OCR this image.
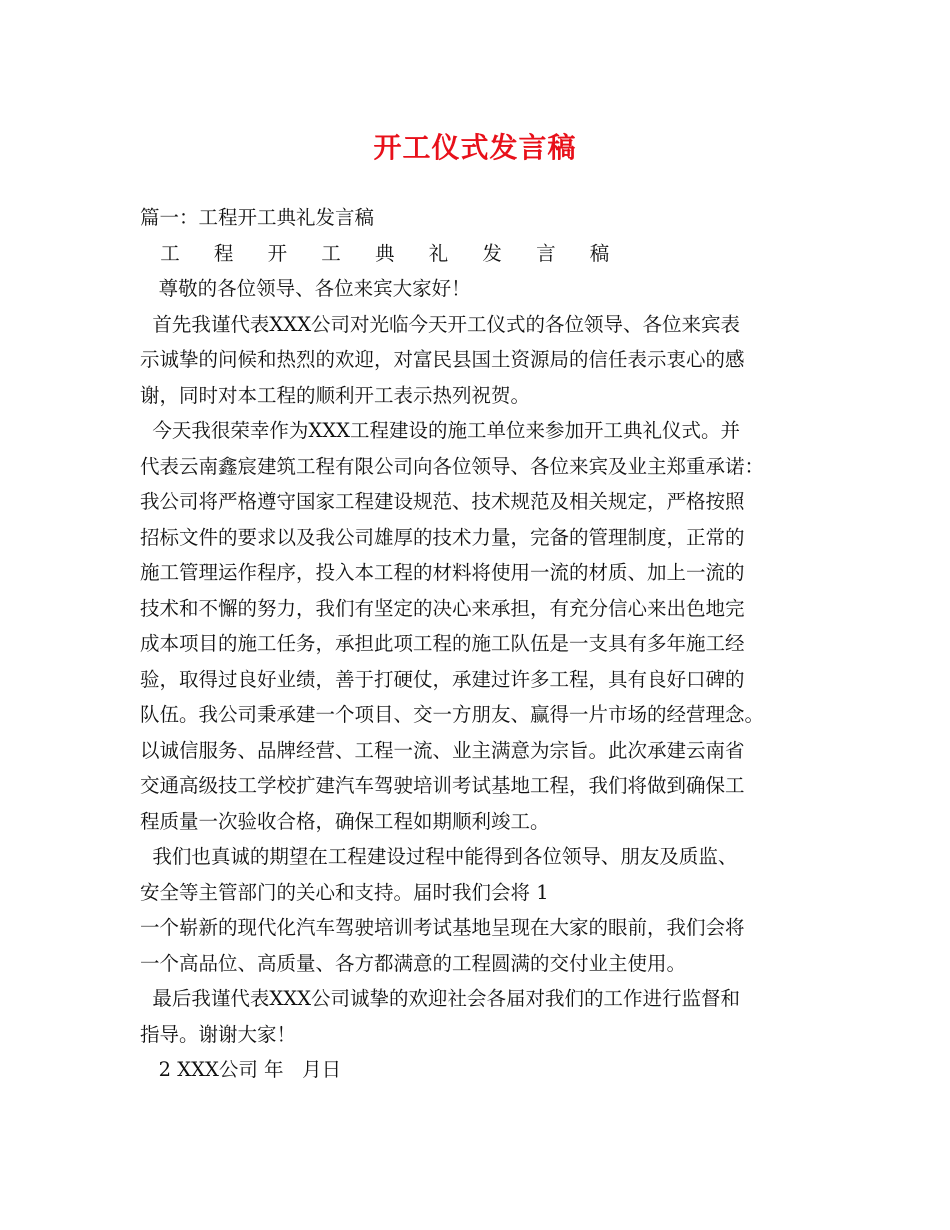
开工仪式发言稿
篇一：工程开工典礼发言稿
工 程 开 工 典 礼 发 言 稿
尊敬的各位领导、各位来宾大家好！
首先我谨代表XXX公司对光临今天开工仪式的各位领导、各位来宾表
示诚挚的问候和热烈的欢迎，对富民县国土资源局的信任表示衷心的感
谢，同时对本工程的顺利开工表示热列祝贺。
今天我很荣幸作为XXX工程建设的施工单位来参加开工典礼仪式。并
代表云南鑫宸建筑工程有限公司向各位领导、各位来宾及业主郑重承诺：
我公司将严格遵守国家工程建设规范、技术规范及相关规定，严格按照
招标文件的要求以及我公司雄厚的技术力量，完备的管理制度，正常的
施工管理运作程序，投入本工程的材料将使用一流的材质、加上一流的
技术和不懈的努力，我们有坚定的决心来承担，有充分信心来出色地完
成本项目的施工任务，承担此项工程的施工队伍是一支具有多年施工经
验，取得过良好业绩，善于打硬仗，承建过许多工程，具有良好口碑的
队伍。我公司秉承建一个项目、交一方朋友、赢得一片市场的经营理念。
以诚信服务、品牌经营、工程一流、业主满意为宗旨。此次承建云南省
交通高级技工学校扩建汽车驾驶培训考试基地工程，我们将做到确保工
程质量一次验收合格，确保工程如期顺利竣工。
我们也真诚的期望在工程建设过程中能得到各位领导、朋友及质监、
安全等主管部门的关心和支持。届时我们会将 1
一个崭新的现代化汽车驾驶培训考试基地呈现在大家的眼前，我们会将
一个高品位、高质量、各方都满意的工程圆满的交付业主使用。
最后我谨代表XXX公司诚挚的欢迎社会各届对我们的工作进行监督和
指导。谢谢大家！
2 XXX公司 年   月日
